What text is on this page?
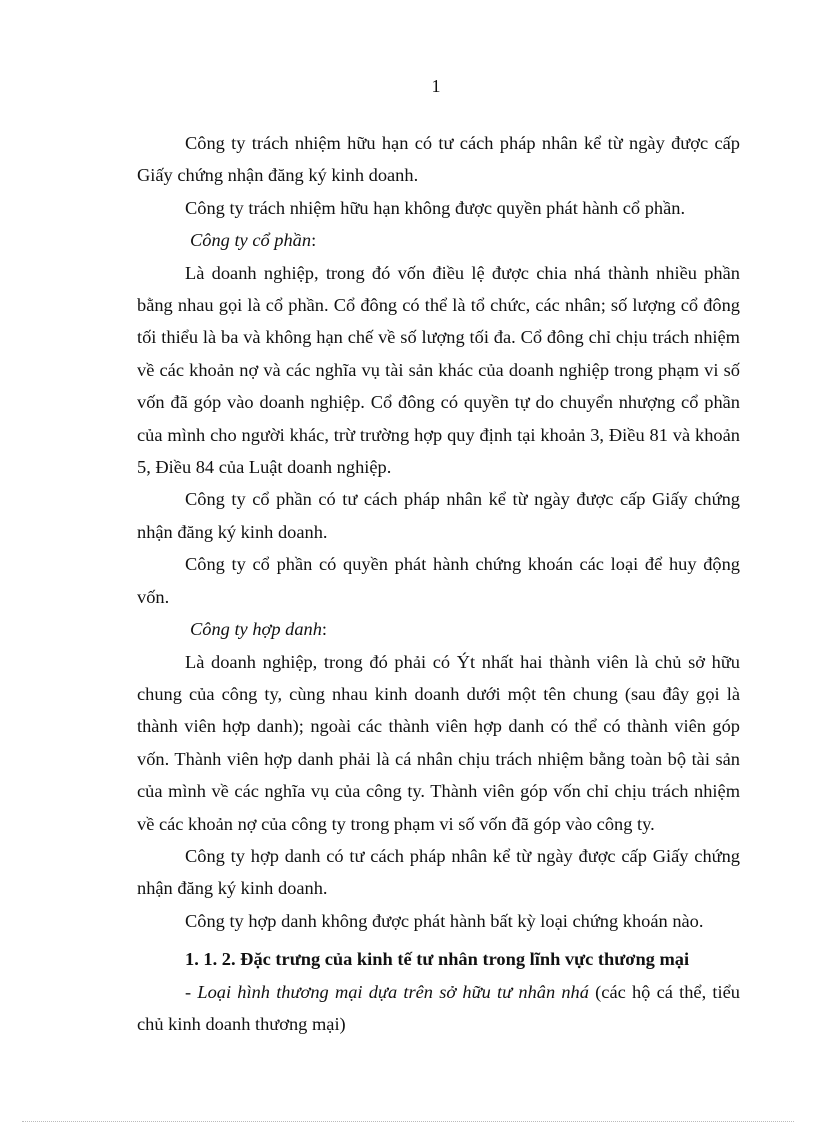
1

Công ty trách nhiệm hữu hạn có tư cách pháp nhân kể từ ngày được cấp Giấy chứng nhận đăng ký kinh doanh.

Công ty trách nhiệm hữu hạn không được quyền phát hành cổ phần.

Công ty cổ phần:

Là doanh nghiệp, trong đó vốn điều lệ được chia nhá thành nhiều phần bằng nhau gọi là cổ phần. Cổ đông có thể là tổ chức, các nhân; số lượng cổ đông tối thiểu là ba và không hạn chế về số lượng tối đa. Cổ đông chỉ chịu trách nhiệm về các khoản nợ và các nghĩa vụ tài sản khác của doanh nghiệp trong phạm vi số vốn đã góp vào doanh nghiệp. Cổ đông có quyền tự do chuyển nhượng cổ phần của mình cho người khác, trừ trường hợp quy định tại khoản 3, Điều 81 và khoản 5, Điều 84 của Luật doanh nghiệp.

Công ty cổ phần có tư cách pháp nhân kể từ ngày được cấp Giấy chứng nhận đăng ký kinh doanh.

Công ty cổ phần có quyền phát hành chứng khoán các loại để huy động vốn.

Công ty hợp danh:

Là doanh nghiệp, trong đó phải có Ýt nhất hai thành viên là chủ sở hữu chung của công ty, cùng nhau kinh doanh dưới một tên chung (sau đây gọi là thành viên hợp danh); ngoài các thành viên hợp danh có thể có thành viên góp vốn. Thành viên hợp danh phải là cá nhân chịu trách nhiệm bằng toàn bộ tài sản của mình về các nghĩa vụ của công ty. Thành viên góp vốn chỉ chịu trách nhiệm về các khoản nợ của công ty trong phạm vi số vốn đã góp vào công ty.

Công ty hợp danh có tư cách pháp nhân kể từ ngày được cấp Giấy chứng nhận đăng ký kinh doanh.

Công ty hợp danh không được phát hành bất kỳ loại chứng khoán nào.

1. 1. 2. Đặc trưng của kinh tế tư nhân trong lĩnh vực thương mại

- Loại hình thương mại dựa trên sở hữu tư nhân nhá (các hộ cá thể, tiểu chủ kinh doanh thương mại)
